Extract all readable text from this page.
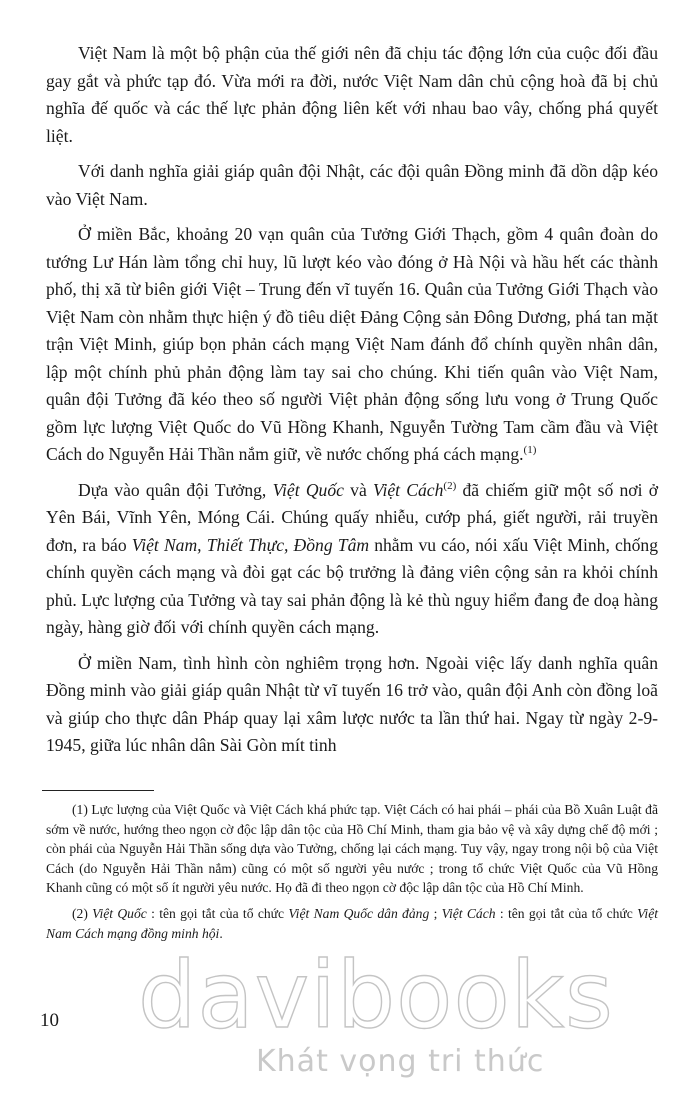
Việt Nam là một bộ phận của thế giới nên đã chịu tác động lớn của cuộc đối đầu gay gắt và phức tạp đó. Vừa mới ra đời, nước Việt Nam dân chủ cộng hoà đã bị chủ nghĩa đế quốc và các thế lực phản động liên kết với nhau bao vây, chống phá quyết liệt.

Với danh nghĩa giải giáp quân đội Nhật, các đội quân Đồng minh đã dồn dập kéo vào Việt Nam.

Ở miền Bắc, khoảng 20 vạn quân của Tưởng Giới Thạch, gồm 4 quân đoàn do tướng Lư Hán làm tổng chỉ huy, lũ lượt kéo vào đóng ở Hà Nội và hầu hết các thành phố, thị xã từ biên giới Việt – Trung đến vĩ tuyến 16. Quân của Tưởng Giới Thạch vào Việt Nam còn nhằm thực hiện ý đồ tiêu diệt Đảng Cộng sản Đông Dương, phá tan mặt trận Việt Minh, giúp bọn phản cách mạng Việt Nam đánh đổ chính quyền nhân dân, lập một chính phủ phản động làm tay sai cho chúng. Khi tiến quân vào Việt Nam, quân đội Tưởng đã kéo theo số người Việt phản động sống lưu vong ở Trung Quốc gồm lực lượng Việt Quốc do Vũ Hồng Khanh, Nguyễn Tường Tam cầm đầu và Việt Cách do Nguyễn Hải Thần nắm giữ, về nước chống phá cách mạng.$^{(1)}$

Dựa vào quân đội Tưởng, Việt Quốc và Việt Cách$^{(2)}$ đã chiếm giữ một số nơi ở Yên Bái, Vĩnh Yên, Móng Cái. Chúng quấy nhiễu, cướp phá, giết người, rải truyền đơn, ra báo Việt Nam, Thiết Thực, Đồng Tâm nhằm vu cáo, nói xấu Việt Minh, chống chính quyền cách mạng và đòi gạt các bộ trưởng là đảng viên cộng sản ra khỏi chính phủ. Lực lượng của Tưởng và tay sai phản động là kẻ thù nguy hiểm đang đe doạ hàng ngày, hàng giờ đối với chính quyền cách mạng.

Ở miền Nam, tình hình còn nghiêm trọng hơn. Ngoài việc lấy danh nghĩa quân Đồng minh vào giải giáp quân Nhật từ vĩ tuyến 16 trở vào, quân đội Anh còn đồng loã và giúp cho thực dân Pháp quay lại xâm lược nước ta lần thứ hai. Ngay từ ngày 2-9-1945, giữa lúc nhân dân Sài Gòn mít tinh

(1) Lực lượng của Việt Quốc và Việt Cách khá phức tạp. Việt Cách có hai phái – phái của Bồ Xuân Luật đã sớm về nước, hướng theo ngọn cờ độc lập dân tộc của Hồ Chí Minh, tham gia bảo vệ và xây dựng chế độ mới ; còn phái của Nguyễn Hải Thần sống dựa vào Tưởng, chống lại cách mạng. Tuy vậy, ngay trong nội bộ của Việt Cách (do Nguyễn Hải Thần nắm) cũng có một số người yêu nước ; trong tổ chức Việt Quốc của Vũ Hồng Khanh cũng có một số ít người yêu nước. Họ đã đi theo ngọn cờ độc lập dân tộc của Hồ Chí Minh.

(2) Việt Quốc : tên gọi tắt của tổ chức Việt Nam Quốc dân đảng ; Việt Cách : tên gọi tắt của tổ chức Việt Nam Cách mạng đồng minh hội.

10 davibooks
Khát vọng tri thức
